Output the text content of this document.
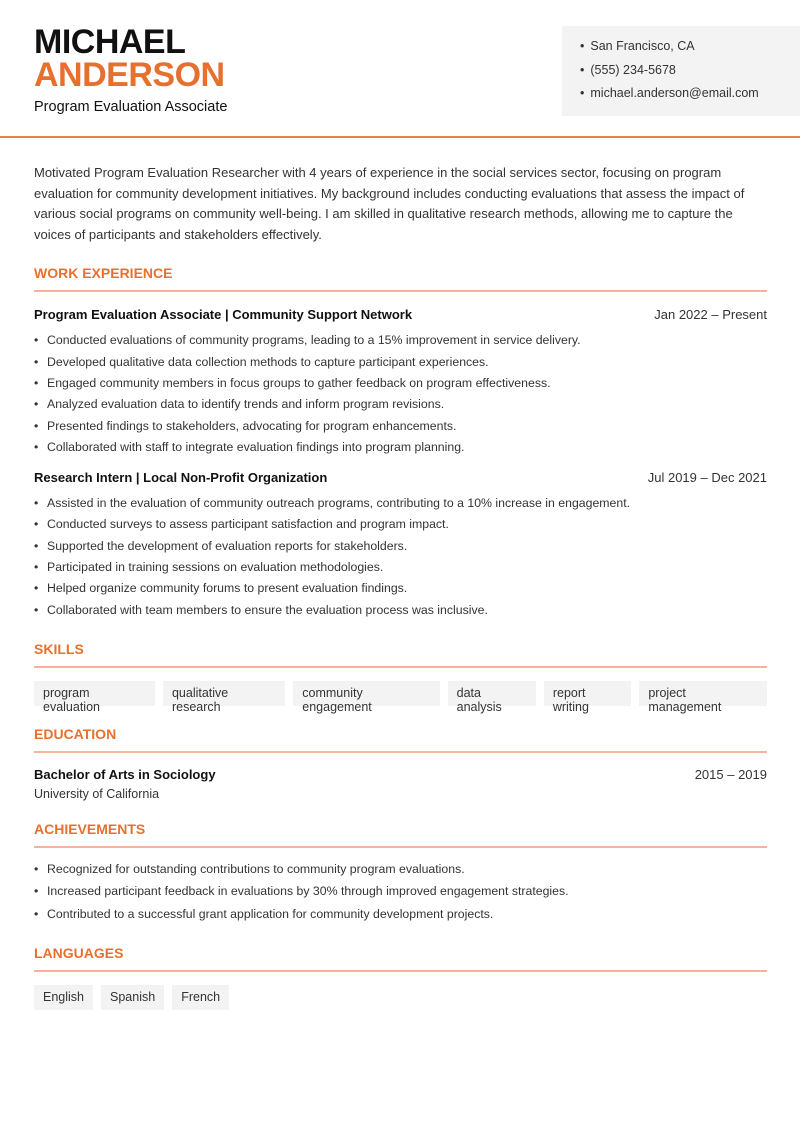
MICHAEL
ANDERSON
Program Evaluation Associate
• San Francisco, CA
• (555) 234-5678
• michael.anderson@email.com

Motivated Program Evaluation Researcher with 4 years of experience in the social services sector, focusing on program evaluation for community development initiatives. My background includes conducting evaluations that assess the impact of various social programs on community well-being. I am skilled in qualitative research methods, allowing me to capture the voices of participants and stakeholders effectively.

WORK EXPERIENCE
Program Evaluation Associate | Community Support Network	Jan 2022 – Present
• Conducted evaluations of community programs, leading to a 15% improvement in service delivery.
• Developed qualitative data collection methods to capture participant experiences.
• Engaged community members in focus groups to gather feedback on program effectiveness.
• Analyzed evaluation data to identify trends and inform program revisions.
• Presented findings to stakeholders, advocating for program enhancements.
• Collaborated with staff to integrate evaluation findings into program planning.
Research Intern | Local Non-Profit Organization	Jul 2019 – Dec 2021
• Assisted in the evaluation of community outreach programs, contributing to a 10% increase in engagement.
• Conducted surveys to assess participant satisfaction and program impact.
• Supported the development of evaluation reports for stakeholders.
• Participated in training sessions on evaluation methodologies.
• Helped organize community forums to present evaluation findings.
• Collaborated with team members to ensure the evaluation process was inclusive.
SKILLS
program evaluation
qualitative research
community engagement
data analysis
report writing
project management
EDUCATION
Bachelor of Arts in Sociology	2015 – 2019
University of California
ACHIEVEMENTS
• Recognized for outstanding contributions to community program evaluations.
• Increased participant feedback in evaluations by 30% through improved engagement strategies.
• Contributed to a successful grant application for community development projects.
LANGUAGES
English	Spanish	French
